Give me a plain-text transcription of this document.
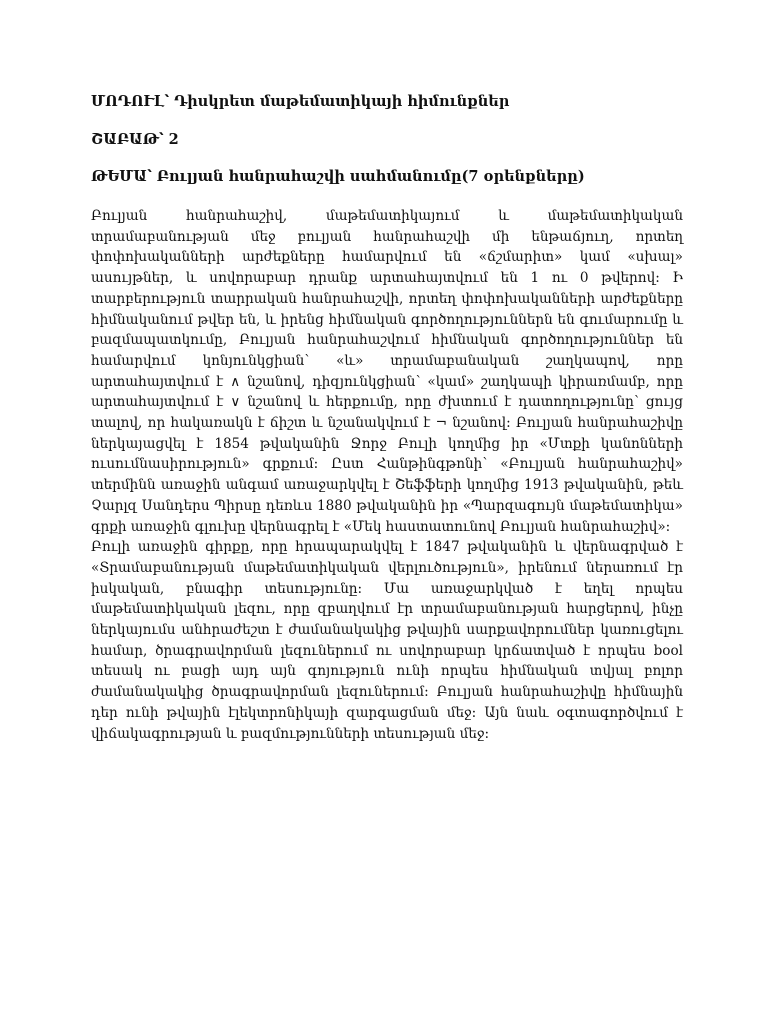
ՄՈԴՈՒԼ՝ Դիսկրետ մաթեմատիկայի հիմունքներ
ՇԱԲԱԹ՝ 2
ԹԵՄԱ՝ Բուլյան հանրահաշվի սահմանումը(7 օրենքները)

Բուլյան հանրահաշիվ, մաթեմատիկայում և մաթեմատիկական տրամաբանության մեջ բուլյան հանրահաշվի մի ենթաճյուղ, որտեղ փոփոխականների արժեքները համարվում են «ճշմարիտ» կամ «սխալ» ասույթներ, և սովորաբար դրանք արտահայտվում են 1 ու 0 թվերով։ Ի տարբերություն տարրական հանրահաշվի, որտեղ փոփոխականների արժեքները հիմնականում թվեր են, և իրենց հիմնական գործողություններն են գումարումը և բազմապատկումը, Բուլյան հանրահաշվում հիմնական գործողություններ են համարվում կոնյունկցիան՝ «և» տրամաբանական շաղկապով, որը արտահայտվում է ∧ նշանով, դիզյունկցիան՝ «կամ» շաղկապի կիրառմամբ, որը արտահայտվում է ∨ նշանով և հերքումը, որը ժխտում է դատողությունը՝ ցույց տալով, որ հակառակն է ճիշտ և նշանակվում է ¬ նշանով։ Բուլյան հանրահաշիվը ներկայացվել է 1854 թվականին Ջորջ Բուլի կողմից իր «Մտքի կանոնների ուսումնասիրություն» գրքում։ Ըստ Հանթինգթոնի՝ «Բուլյան հանրահաշիվ» տերմինն առաջին անգամ առաջարկվել է Շեֆֆերի կողմից 1913 թվականին, թեև Չարլզ Սանդերս Պիրսը դեռևս 1880 թվականին իր «Պարզագույն մաթեմատիկա» գրքի առաջին գլուխը վերնագրել է «Մեկ հաստատունով Բուլյան հանրահաշիվ»։

Բուլի առաջին գիրքը, որը հրապարակվել է 1847 թվականին և վերնագրված է «Տրամաբանության մաթեմատիկական վերլուծություն», իրենում ներառում էր իսկական, բնագիր տեսությունը։ Մա առաջարկված է եղել որպես մաթեմատիկական լեզու, որը զբաղվում էր տրամաբանության հարցերով, ինչը ներկայումս անհրաժեշտ է ժամանակակից թվային սարքավորումներ կառուցելու համար, ծրագրավորման լեզուներում ու սովորաբար կրճատված է որպես bool տեսակ ու բացի այդ այն գոյություն ունի որպես հիմնական տվյալ բոլոր ժամանակակից ծրագրավորման լեզուներում։ Բուլյան հանրահաշիվը հիմնային դեր ունի թվային էլեկտրոնիկայի զարգացման մեջ։ Այն նաև օգտագործվում է վիճակագրության և բազմությունների տեսության մեջ։
